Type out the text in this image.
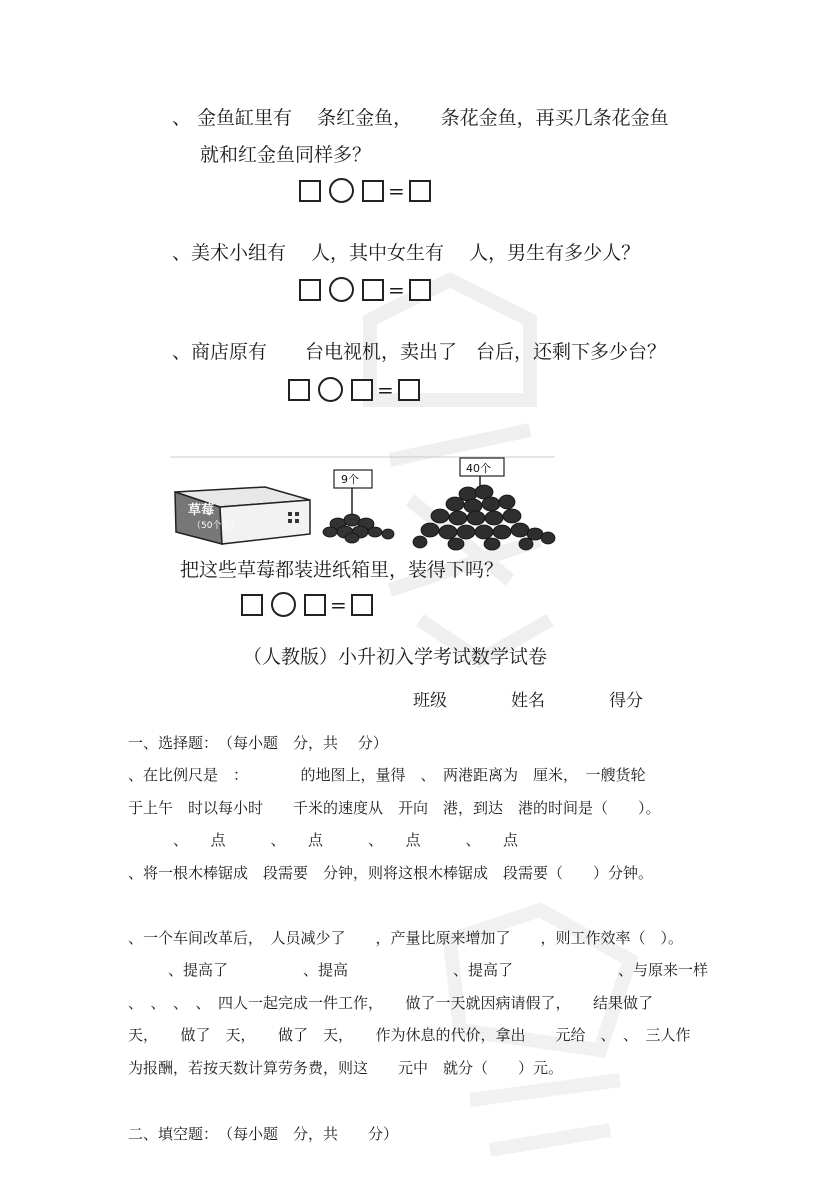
、 金鱼缸里有　 条红金鱼，　　条花金鱼，再买几条花金鱼
就和红金鱼同样多？
=
、美术小组有　 人，其中女生有　 人，男生有多少人？
=
、商店原有　　台电视机，卖出了　台后，还剩下多少台？
=
草莓
（50个装）
9个
40个
把这些草莓都装进纸箱里，装得下吗？
=
（人教版）小升初入学考试数学试卷
班级	姓名	得分
一、选择题：　（每小题　分，共　 分）
、在比例尺是　：　　　　的地图上，量得　、　两港距离为　厘米，　一艘货轮
于上午　时以每小时　　千米的速度从　开向　港，到达　港的时间是（　　）。
、　　点　　　、　　点　　　、　　点　　　、　　点
、将一根木棒锯成　段需要　分钟，则将这根木棒锯成　段需要（　　）分钟。
、一个车间改革后，　人员减少了　　，产量比原来增加了　　，则工作效率（　）。
、提高了　　　　　、提高　　　　　　　、提高了　　　　　　　、与原来一样
、　、　、　、　四人一起完成一件工作，　　做了一天就因病请假了，　　结果做了
天，　　做了　天，　　做了　天，　　作为休息的代价，拿出　　元给　、　、　三人作
为报酬，若按天数计算劳务费，则这　　元中　就分（　　）元。
二、填空题：　（每小题　分，共　　分）
